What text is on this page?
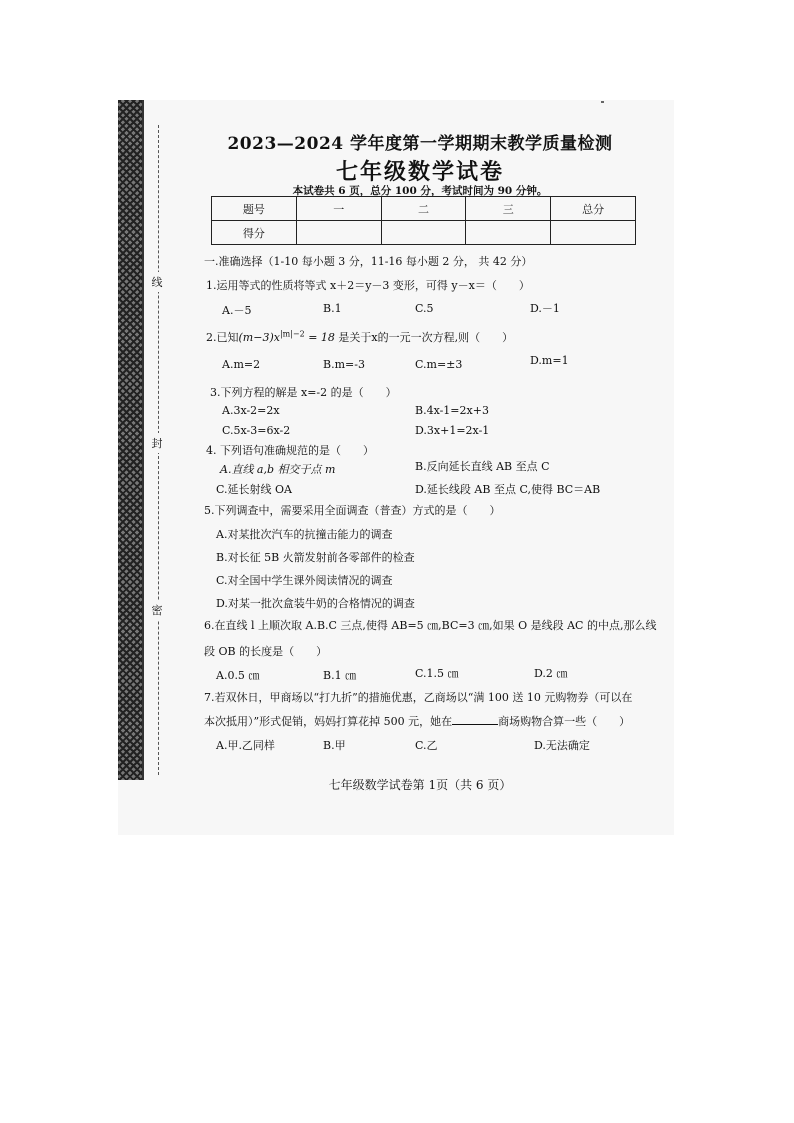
线
封
密
2023—2024 学年度第一学期期末教学质量检测
七年级数学试卷
本试卷共 6 页，总分 100 分，考试时间为 90 分钟。
题号	一	二	三	总分
得分				
一.准确选择（1-10 每小题 3 分，11-16 每小题 2 分， 共 42 分）
1.运用等式的性质将等式 x＋2＝y－3 变形，可得 y－x＝（　　）
A.－5	B.1	C.5	D.－1
2.已知$(m-3)x^{|m|-2} = 18$ 是关于x的一元一次方程,则（　　）
A.m=2	B.m=-3	C.m=±3	D.m=1
3.下列方程的解是 x=-2 的是（　　）
A.3x-2=2x	B.4x-1=2x+3
C.5x-3=6x-2	D.3x+1=2x-1
4. 下列语句准确规范的是（　　）
A.直线 a,b 相交于点 m	B.反向延长直线 AB 至点 C
C.延长射线 OA	D.延长线段 AB 至点 C,使得 BC＝AB
5.下列调查中，需要采用全面调查（普查）方式的是（　　）
A.对某批次汽车的抗撞击能力的调查
B.对长征 5B 火箭发射前各零部件的检查
C.对全国中学生课外阅读情况的调查
D.对某一批次盒装牛奶的合格情况的调查
6.在直线 l 上顺次取 A.B.C 三点,使得 AB=5 ㎝,BC=3 ㎝,如果 O 是线段 AC 的中点,那么线
段 OB 的长度是（　　）
A.0.5 ㎝	B.1 ㎝	C.1.5 ㎝	D.2 ㎝
7.若双休日，甲商场以“打九折”的措施优惠，乙商场以“满 100 送 10 元购物券（可以在
本次抵用）”形式促销，妈妈打算花掉 500 元，她在	商场购物合算一些（　　）
A.甲.乙同样	B.甲	C.乙	D.无法确定
七年级数学试卷第 1页（共 6 页）
